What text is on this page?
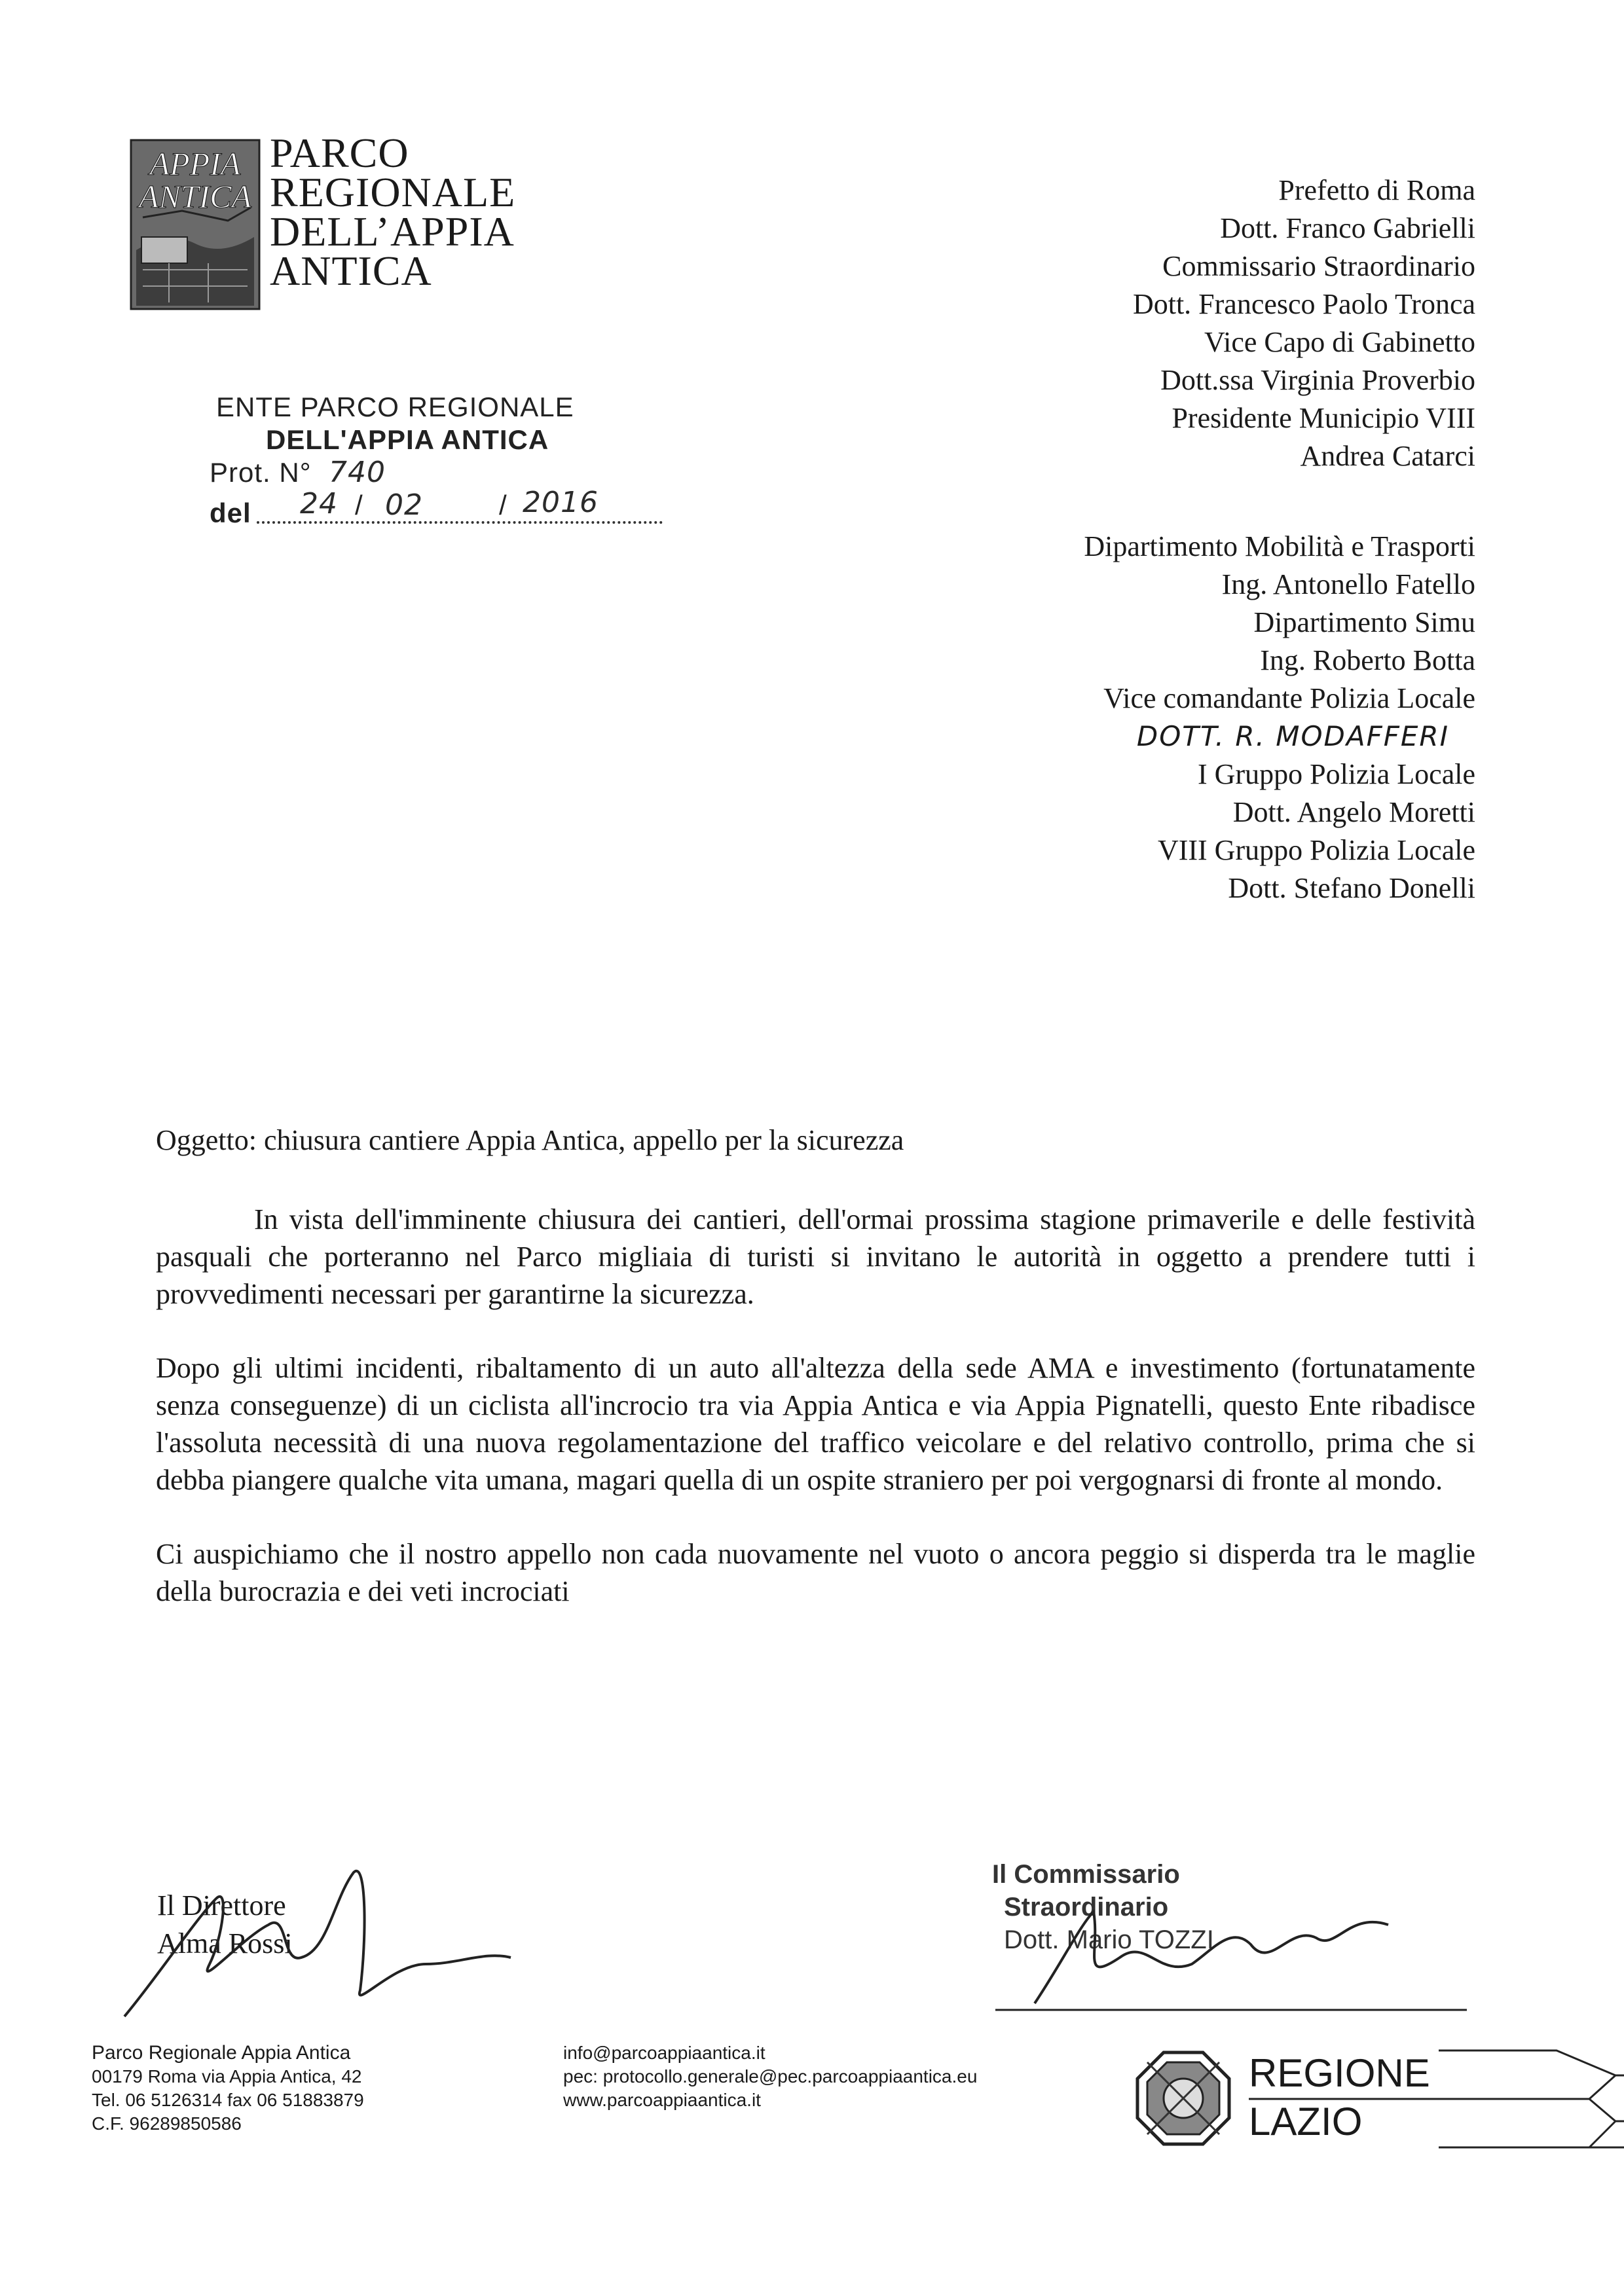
APPIA
ANTICA
PARCO
REGIONALE
DELL’APPIA
ANTICA
ENTE PARCO REGIONALE
DELL'APPIA ANTICA
Prot. N° 740
del 24 / 02	/ 2016
Prefetto di Roma
Dott. Franco Gabrielli
Commissario Straordinario
Dott. Francesco Paolo Tronca
Vice Capo di Gabinetto
Dott.ssa Virginia Proverbio
Presidente Municipio VIII
Andrea Catarci
Dipartimento Mobilità e Trasporti
Ing. Antonello Fatello
Dipartimento Simu
Ing. Roberto Botta
Vice comandante Polizia Locale
DOTT. R. MODAFFERI
I Gruppo Polizia Locale
Dott. Angelo Moretti
VIII Gruppo Polizia Locale
Dott. Stefano Donelli
Oggetto: chiusura cantiere Appia Antica, appello per la sicurezza

In vista dell'imminente chiusura dei cantieri, dell'ormai prossima stagione primaverile e delle festività pasquali che porteranno nel Parco migliaia di turisti si invitano le autorità in oggetto a prendere tutti i provvedimenti necessari per garantirne la sicurezza.

Dopo gli ultimi incidenti, ribaltamento di un auto all'altezza della sede AMA e investimento (fortunatamente senza conseguenze) di un ciclista all'incrocio tra via Appia Antica e via Appia Pignatelli, questo Ente ribadisce l'assoluta necessità di una nuova regolamentazione del traffico veicolare e del relativo controllo, prima che si debba piangere qualche vita umana, magari quella di un ospite straniero per poi vergognarsi di fronte al mondo.

Ci auspichiamo che il nostro appello non cada nuovamente nel vuoto o ancora peggio si disperda tra le maglie della burocrazia e dei veti incrociati

Il Direttore
Alma Rossi
Il Commissario
Straordinario
Dott. Mario TOZZI
Parco Regionale Appia Antica
00179 Roma via Appia Antica, 42
Tel. 06 5126314 fax 06 51883879
C.F. 96289850586
info@parcoappiaantica.it
pec: protocollo.generale@pec.parcoappiaantica.eu
www.parcoappiaantica.it
REGIONE
LAZIO
